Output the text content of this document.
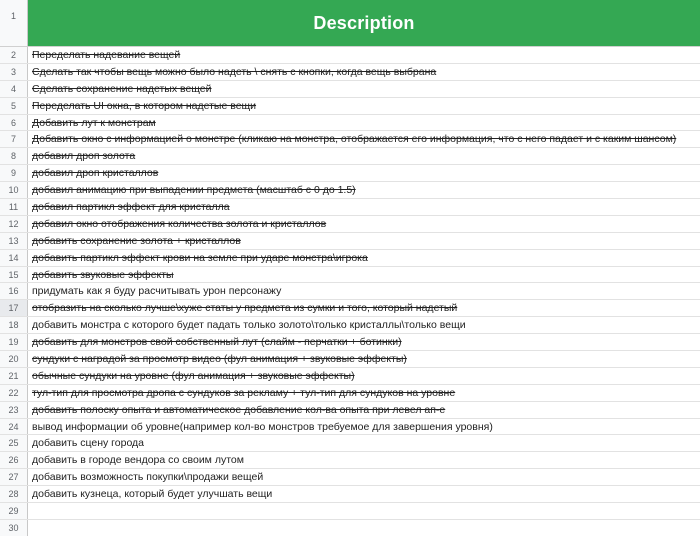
1	Description
2	Переделать надевание вещей
3	Сделать так чтобы вещь можно было надеть \ снять с кнопки, когда вещь выбрана
4	Сделать сохранение надетых вещей
5	Переделать UI окна, в котором надетые вещи
6	Добавить лут к монстрам
7	Добавить окно с информацией о монстре (кликаю на монстра, отображается его информация, что с него падает и с каким шансом)
8	добавил дроп золота
9	добавил дроп кристаллов
10	добавил анимацию при выпадении предмета (масштаб с 0 до 1.5)
11	добавил партикл эффект для кристалла
12	добавил окно отображения количества золота и кристаллов
13	добавить сохранение золота + кристаллов
14	добавить партикл эффект крови на земле при ударе монстра\игрока
15	добавить звуковые эффекты
16	придумать как я буду расчитывать урон персонажу
17	отобразить на сколько лучше\хуже статы у предмета из сумки и того, который надетый
18	добавить монстра с которого будет падать только золото\только кристаллы\только вещи
19	добавить для монстров свой собственный лут (слайм - перчатки + ботинки)
20	сундуки с наградой за просмотр видео (фул анимация + звуковые эффекты)
21	обычные сундуки на уровне (фул анимация + звуковые эффекты)
22	тул-тип для просмотра дропа с сундуков за рекламу + тул-тип для сундуков на уровне
23	добавить полоску опыта и автоматическое добавление кол-ва опыта при левел ап-е
24	вывод информации об уровне(например кол-во монстров требуемое для завершения уровня)
25	добавить сцену города
26	добавить в городе вендора со своим лутом
27	добавить возможность покупки\продажи вещей
28	добавить кузнеца, который будет улучшать вещи
29
30
